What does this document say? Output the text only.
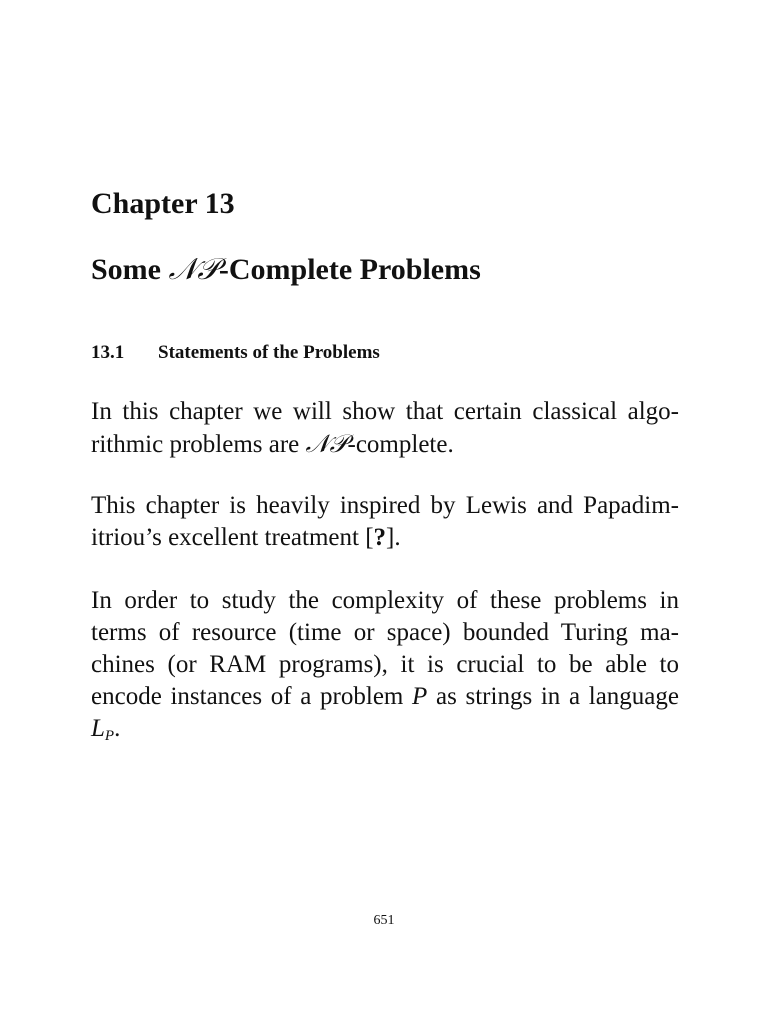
Chapter 13
Some 𝒩𝒫-Complete Problems
13.1 Statements of the Problems
In this chapter we will show that certain classical algo-
rithmic problems are 𝒩𝒫-complete.
This chapter is heavily inspired by Lewis and Papadim-
itriou’s excellent treatment [?].
In order to study the complexity of these problems in
terms of resource (time or space) bounded Turing ma-
chines (or RAM programs), it is crucial to be able to
encode instances of a problem P as strings in a language
$L_P$.
651
